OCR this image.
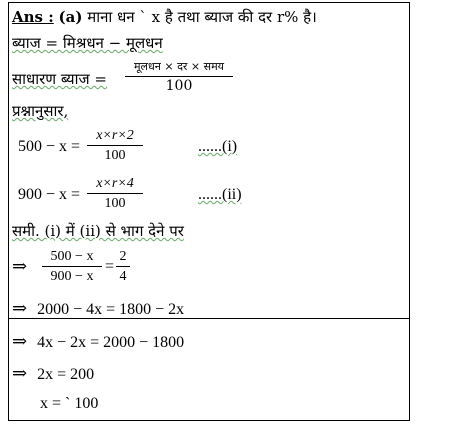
Ans : (a) माना धन ` x है तथा ब्याज की दर r% है।
ब्याज = मिश्रधन − मूलधन
साधारण ब्याज =
मूलधन × दर × समय
100
प्रश्नानुसार,
500 − x =
x×r×2
100
......(i)
900 − x =
x×r×4
100
......(ii)
समी. (i) में (ii) से भाग देने पर
⇒	500 − x
900 − x
=
2
4
⇒ 2000 − 4x = 1800 − 2x
⇒ 4x − 2x = 2000 − 1800
⇒ 2x = 200
x = ` 100
